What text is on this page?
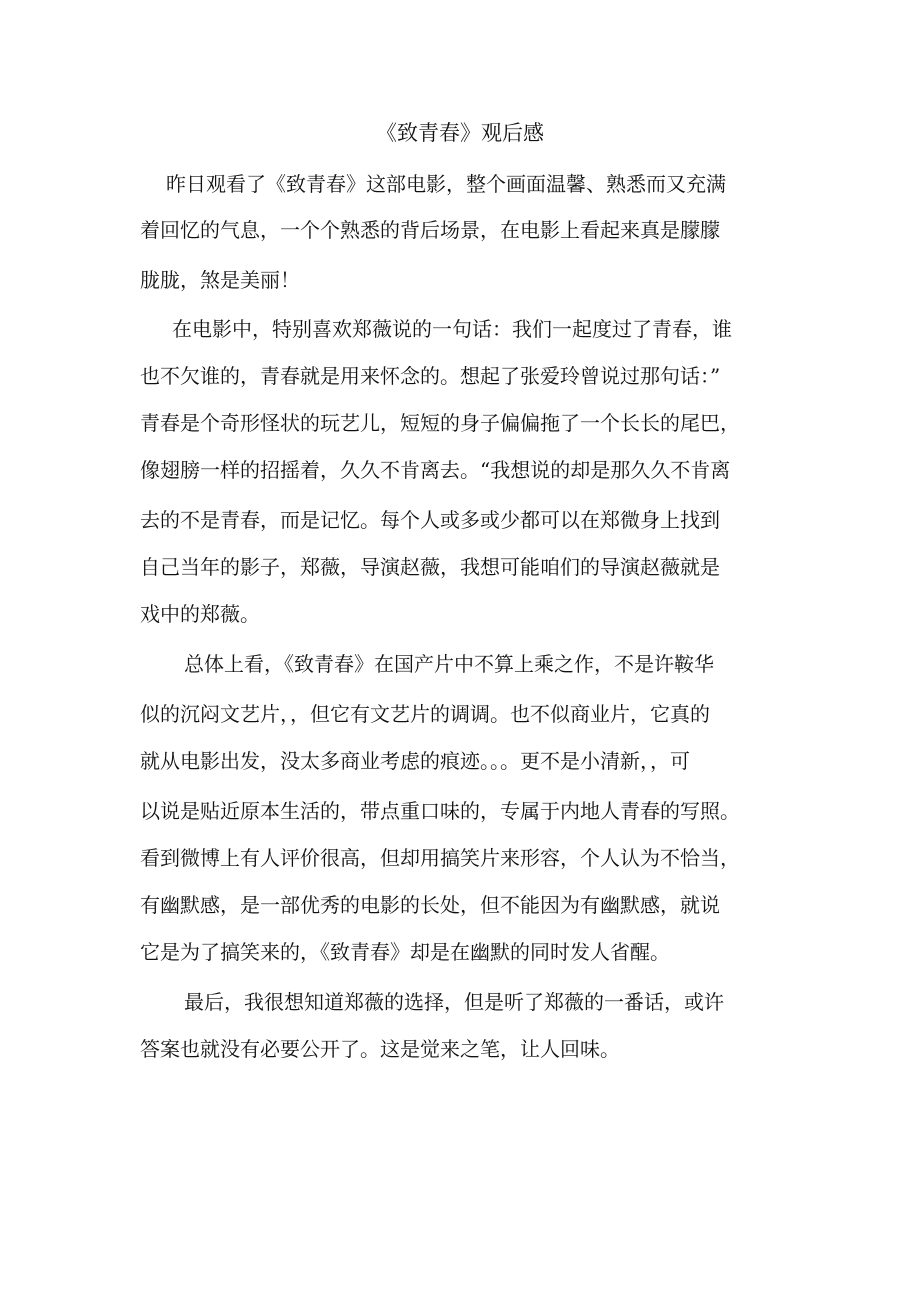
《致青春》观后感
昨日观看了《致青春》这部电影，整个画面温馨、熟悉而又充满
着回忆的气息，一个个熟悉的背后场景，在电影上看起来真是朦朦
胧胧，煞是美丽！
在电影中，特别喜欢郑薇说的一句话：我们一起度过了青春，谁
也不欠谁的，青春就是用来怀念的。想起了张爱玲曾说过那句话：”
青春是个奇形怪状的玩艺儿，短短的身子偏偏拖了一个长长的尾巴，
像翅膀一样的招摇着，久久不肯离去。“我想说的却是那久久不肯离
去的不是青春，而是记忆。每个人或多或少都可以在郑微身上找到
自己当年的影子，郑薇，导演赵薇，我想可能咱们的导演赵薇就是
戏中的郑薇。
总体上看，《致青春》在国产片中不算上乘之作，不是许鞍华
似的沉闷文艺片，，但它有文艺片的调调。也不似商业片，它真的
就从电影出发，没太多商业考虑的痕迹。。。更不是小清新，，可
以说是贴近原本生活的，带点重口味的，专属于内地人青春的写照。
看到微博上有人评价很高，但却用搞笑片来形容，个人认为不恰当，
有幽默感，是一部优秀的电影的长处，但不能因为有幽默感，就说
它是为了搞笑来的，《致青春》却是在幽默的同时发人省醒。
最后，我很想知道郑薇的选择，但是听了郑薇的一番话，或许
答案也就没有必要公开了。这是觉来之笔，让人回味。
